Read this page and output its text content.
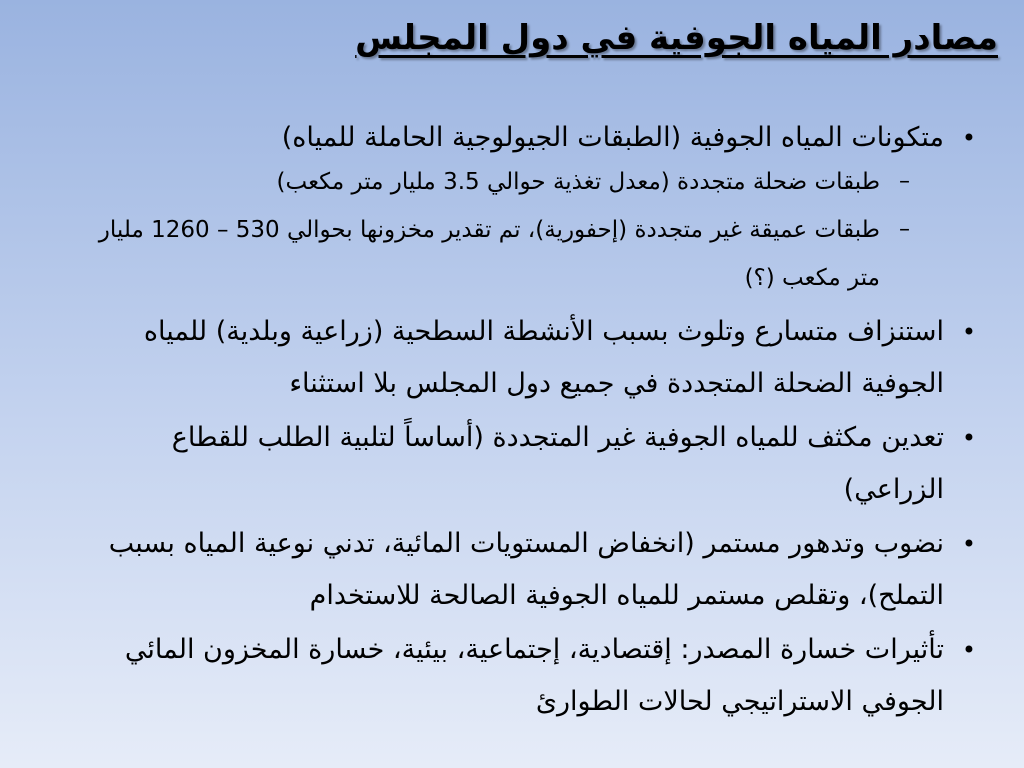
مصادر المياه الجوفية في دول المجلس
• متكونات المياه الجوفية (الطبقات الجيولوجية الحاملة للمياه)
– طبقات ضحلة متجددة (معدل تغذية حوالي 3.5 مليار متر مكعب)
– طبقات عميقة غير متجددة (إحفورية)، تم تقدير مخزونها بحوالي 530 – 1260 مليار متر مكعب (؟)
• استنزاف متسارع وتلوث بسبب الأنشطة السطحية (زراعية وبلدية) للمياه الجوفية الضحلة المتجددة في جميع دول المجلس بلا استثناء
• تعدين مكثف للمياه الجوفية غير المتجددة (أساساً لتلبية الطلب للقطاع الزراعي)
• نضوب وتدهور مستمر (انخفاض المستويات المائية، تدني نوعية المياه بسبب التملح)، وتقلص مستمر للمياه الجوفية الصالحة للاستخدام
• تأثيرات خسارة المصدر: إقتصادية، إجتماعية، بيئية، خسارة المخزون المائي الجوفي الاستراتيجي لحالات الطوارئ
